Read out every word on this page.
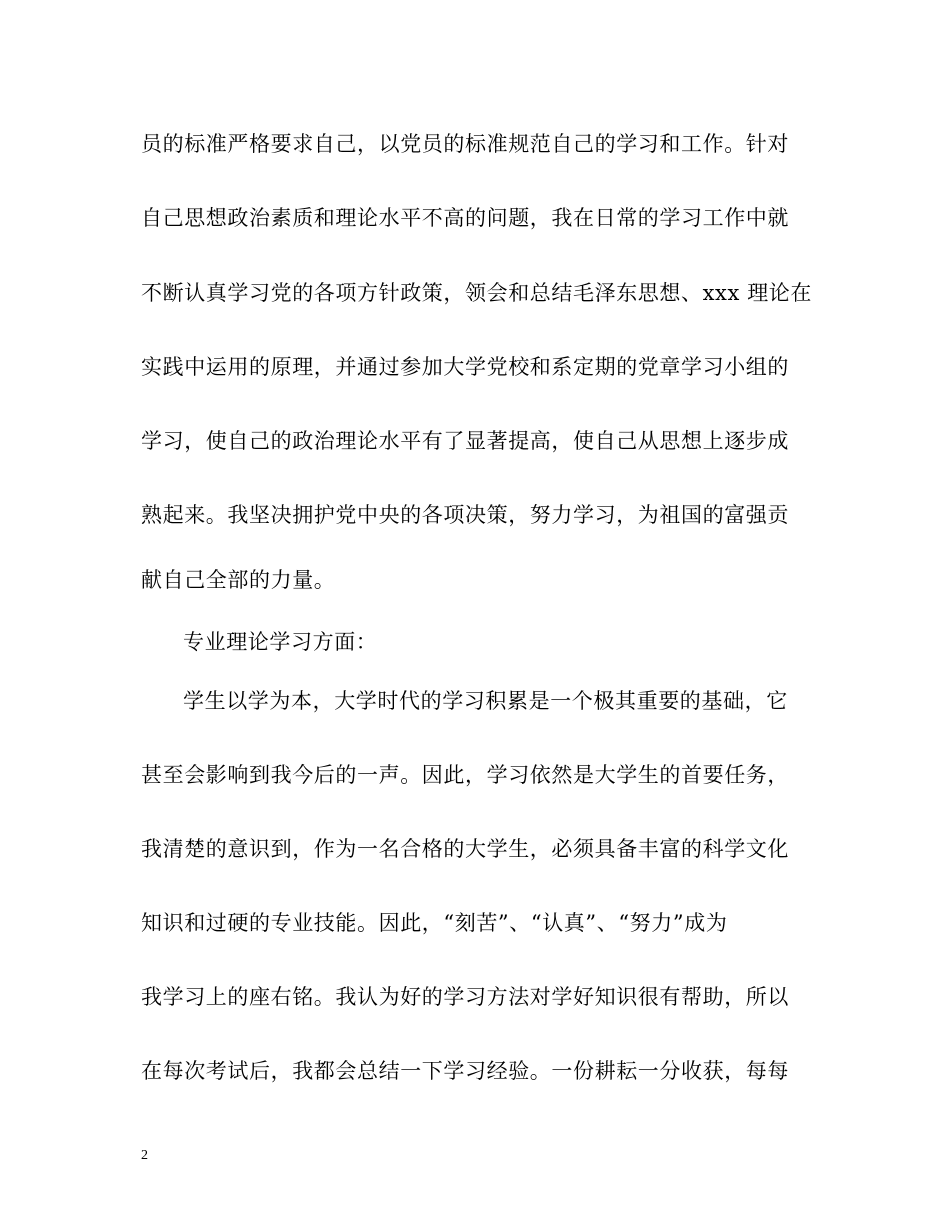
员的标准严格要求自己，以党员的标准规范自己的学习和工作。针对
自己思想政治素质和理论水平不高的问题，我在日常的学习工作中就
不断认真学习党的各项方针政策，领会和总结毛泽东思想、xxx 理论在
实践中运用的原理，并通过参加大学党校和系定期的党章学习小组的
学习，使自己的政治理论水平有了显著提高，使自己从思想上逐步成
熟起来。我坚决拥护党中央的各项决策，努力学习，为祖国的富强贡
献自己全部的力量。
专业理论学习方面：
学生以学为本，大学时代的学习积累是一个极其重要的基础，它
甚至会影响到我今后的一声。因此，学习依然是大学生的首要任务，
我清楚的意识到，作为一名合格的大学生，必须具备丰富的科学文化
知识和过硬的专业技能。因此，“刻苦”、“认真”、“努力”成为
我学习上的座右铭。我认为好的学习方法对学好知识很有帮助，所以
在每次考试后，我都会总结一下学习经验。一份耕耘一分收获，每每
2
